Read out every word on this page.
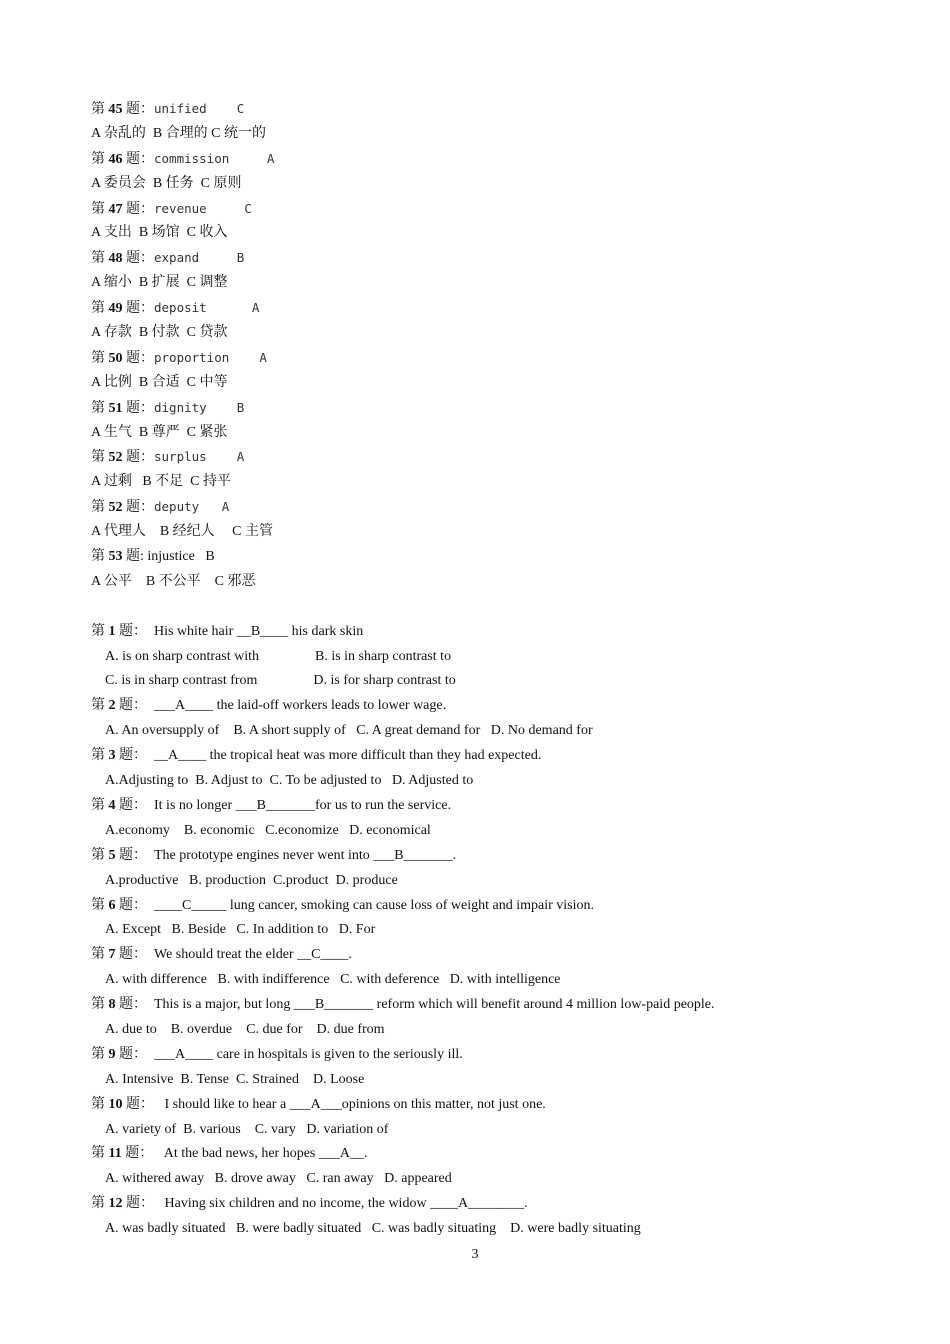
第 45 题：unified    C
A 杂乱的  B 合理的 C 统一的
第 46 题：commission     A
A 委员会  B 任务  C 原则
第 47 题：revenue     C
A 支出  B 场馆  C 收入
第 48 题：expand     B
A 缩小  B 扩展  C 调整
第 49 题：deposit      A
A 存款  B 付款  C 贷款
第 50 题：proportion    A
A 比例  B 合适  C 中等
第 51 题：dignity    B
A 生气  B 尊严  C 紧张
第 52 题：surplus    A
A 过剩   B 不足  C 持平
第 52 题：deputy   A
A 代理人    B 经纪人     C 主管
第 53 题: injustice   B
A 公平    B 不公平    C 邪恶
第 1 题：  His white hair __B____ his dark skin
A. is on sharp contrast with                B. is in sharp contrast to
C. is in sharp contrast from                D. is for sharp contrast to
第 2 题：  ___A____ the laid-off workers leads to lower wage.
A. An oversupply of    B. A short supply of   C. A great demand for   D. No demand for
第 3 题：  __A____ the tropical heat was more difficult than they had expected.
A.Adjusting to  B. Adjust to  C. To be adjusted to   D. Adjusted to
第 4 题：  It is no longer ___B_______for us to run the service.
A.economy    B. economic   C.economize   D. economical
第 5 题：  The prototype engines never went into ___B_______.
A.productive   B. production  C.product  D. produce
第 6 题：  ____C_____ lung cancer, smoking can cause loss of weight and impair vision.
A. Except   B. Beside   C. In addition to   D. For
第 7 题：  We should treat the elder __C____.
A. with difference   B. with indifference   C. with deference   D. with intelligence
第 8 题：  This is a major, but long ___B_______ reform which will benefit around 4 million low-paid people.
A. due to    B. overdue    C. due for    D. due from
第 9 题：  ___A____ care in hospitals is given to the seriously ill.
A. Intensive  B. Tense  C. Strained    D. Loose
第 10 题：   I should like to hear a ___A___opinions on this matter, not just one.
A. variety of  B. various    C. vary   D. variation of
第 11 题：   At the bad news, her hopes ___A__.
A. withered away   B. drove away   C. ran away   D. appeared
第 12 题：   Having six children and no income, the widow ____A________.
A. was badly situated   B. were badly situated   C. was badly situating    D. were badly situating
3
